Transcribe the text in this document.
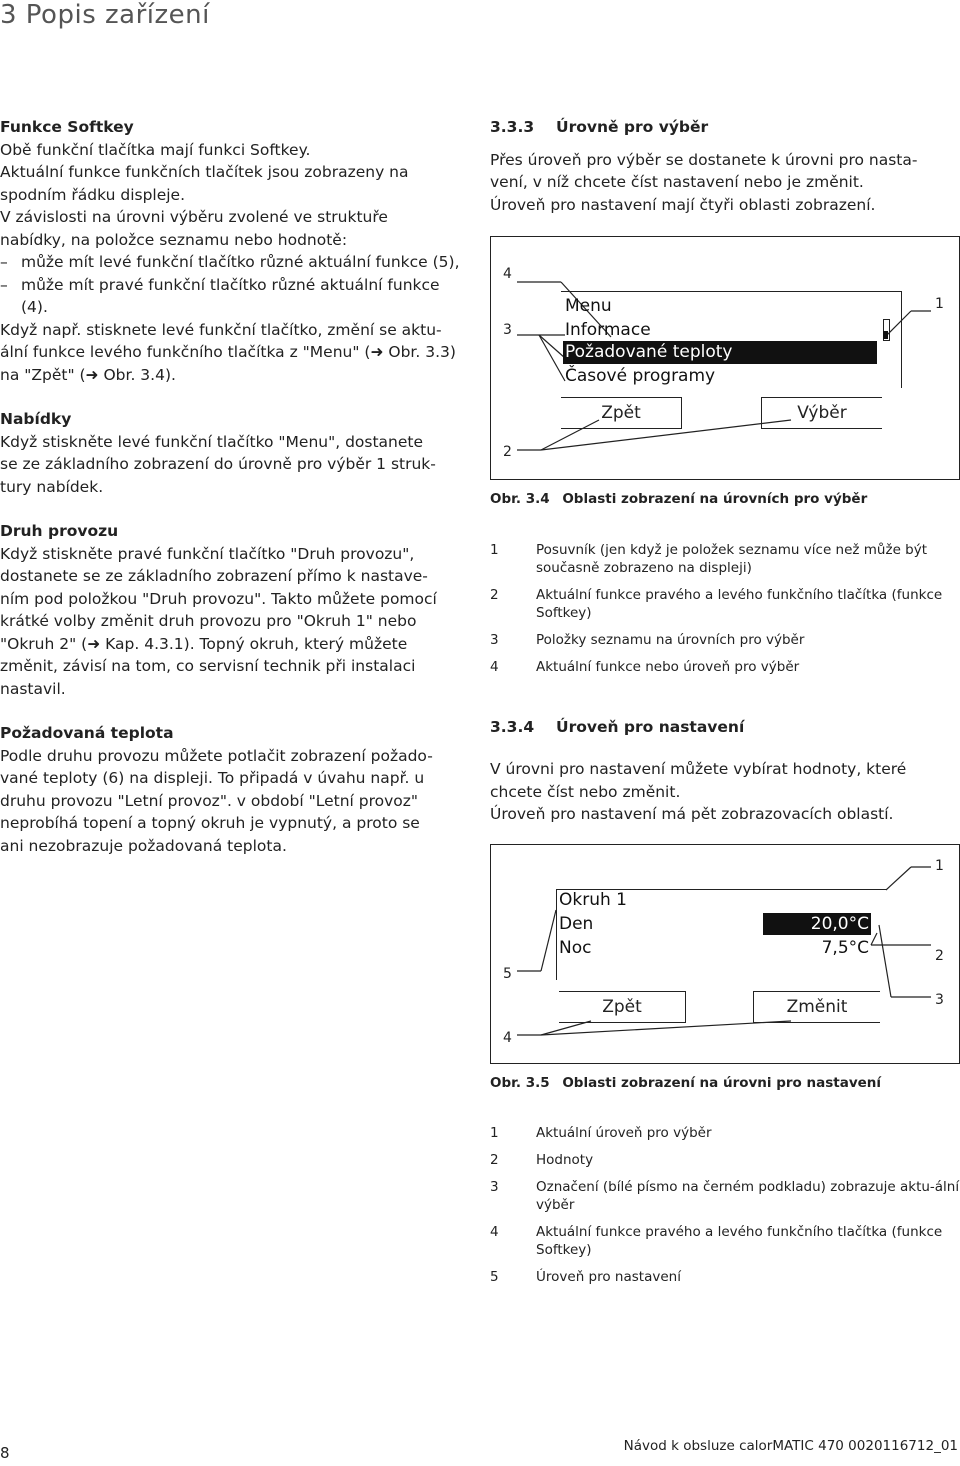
3 Popis zařízení

Funkce Softkey

Obě funkční tlačítka mají funkci Softkey.

Aktuální funkce funkčních tlačítek jsou zobrazeny na

spodním řádku displeje.

V závislosti na úrovni výběru zvolené ve struktuře

nabídky, na položce seznamu nebo hodnotě:

– může mít levé funkční tlačítko různé aktuální funkce (5),
– může mít pravé funkční tlačítko různé aktuální funkce (4).

Když např. stisknete levé funkční tlačítko, změní se aktu-

ální funkce levého funkčního tlačítka z "Menu" (➜ Obr. 3.3)

na "Zpět" (➜ Obr. 3.4).

Nabídky

Když stiskněte levé funkční tlačítko "Menu", dostanete

se ze základního zobrazení do úrovně pro výběr 1 struk-

tury nabídek.

Druh provozu

Když stiskněte pravé funkční tlačítko "Druh provozu",

dostanete se ze základního zobrazení přímo k nastave-

ním pod položkou "Druh provozu". Takto můžete pomocí

krátké volby změnit druh provozu pro "Okruh 1" nebo

"Okruh 2" (➜ Kap. 4.3.1). Topný okruh, který můžete

změnit, závisí na tom, co servisní technik při instalaci

nastavil.

Požadovaná teplota

Podle druhu provozu můžete potlačit zobrazení požado-

vané teploty (6) na displeji. To připadá v úvahu např. u

druhu provozu "Letní provoz". v období "Letní provoz"

neprobíhá topení a topný okruh je vypnutý, a proto se

ani nezobrazuje požadovaná teplota.

3.3.3	Úrovně pro výběr

Přes úroveň pro výběr se dostanete k úrovni pro nasta-

vení, v níž chcete číst nastavení nebo je změnit.

Úroveň pro nastavení mají čtyři oblasti zobrazení.

4
3
2
1
Menu
Informace
Požadované teploty
Časové programy
Zpět	Výběr
Obr. 3.4 Oblasti zobrazení na úrovních pro výběr
1	Posuvník (jen když je položek seznamu více než může být současně zobrazeno na displeji)
2	Aktuální funkce pravého a levého funkčního tlačítka (funkce Softkey)
3	Položky seznamu na úrovních pro výběr
4	Aktuální funkce nebo úroveň pro výběr

3.3.4	Úroveň pro nastavení

V úrovni pro nastavení můžete vybírat hodnoty, které

chcete číst nebo změnit.

Úroveň pro nastavení má pět zobrazovacích oblastí.

1
2
3
4
5
Okruh 1
Den	20,0°C
Noc	7,5°C
Zpět	Změnit
Obr. 3.5 Oblasti zobrazení na úrovni pro nastavení
1	Aktuální úroveň pro výběr
2	Hodnoty
3	Označení (bílé písmo na černém podkladu) zobrazuje aktu-ální výběr
4	Aktuální funkce pravého a levého funkčního tlačítka (funkce Softkey)
5	Úroveň pro nastavení
8	Návod k obsluze calorMATIC 470 0020116712_01
